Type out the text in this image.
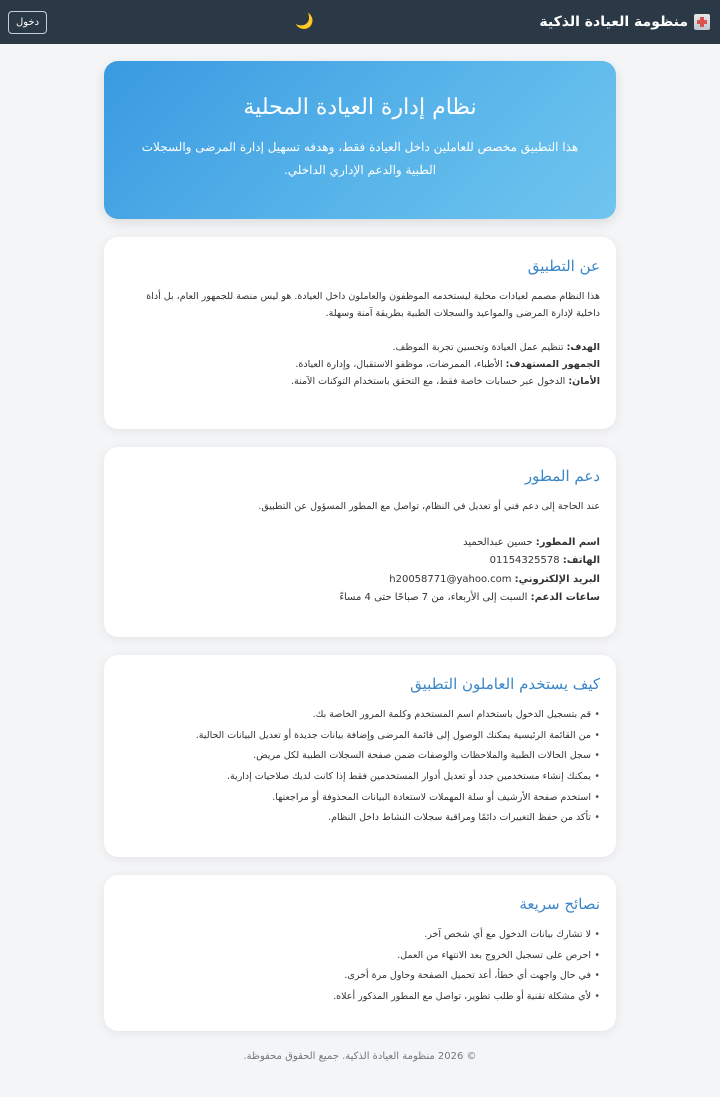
منظومة العيادة الذكية
🌙
دخول
نظام إدارة العيادة المحلية

هذا التطبيق مخصص للعاملين داخل العيادة فقط، وهدفه تسهيل إدارة المرضى والسجلات الطبية والدعم الإداري الداخلي.

عن التطبيق

هذا النظام مصمم لعيادات محلية ليستخدمه الموظفون والعاملون داخل العيادة. هو ليس منصة للجمهور العام، بل أداة داخلية لإدارة المرضى والمواعيد والسجلات الطبية بطريقة آمنة وسهلة.

الهدف: تنظيم عمل العيادة وتحسين تجربة الموظف.
الجمهور المستهدف: الأطباء، الممرضات، موظفو الاستقبال، وإدارة العيادة.
الأمان: الدخول عبر حسابات خاصة فقط، مع التحقق باستخدام التوكنات الآمنة.
دعم المطور

عند الحاجة إلى دعم فني أو تعديل في النظام، تواصل مع المطور المسؤول عن التطبيق.

اسم المطور: حسين عبدالحميد
الهاتف: 01154325578
البريد الإلكتروني: h20058771@yahoo.com
ساعات الدعم: السبت إلى الأربعاء، من 7 صباحًا حتى 4 مساءً
كيف يستخدم العاملون التطبيق
• قم بتسجيل الدخول باستخدام اسم المستخدم وكلمة المرور الخاصة بك.
• من القائمة الرئيسية يمكنك الوصول إلى قائمة المرضى وإضافة بيانات جديدة أو تعديل البيانات الحالية.
• سجل الحالات الطبية والملاحظات والوصفات ضمن صفحة السجلات الطبية لكل مريض.
• يمكنك إنشاء مستخدمين جدد أو تعديل أدوار المستخدمين فقط إذا كانت لديك صلاحيات إدارية.
• استخدم صفحة الأرشيف أو سلة المهملات لاستعادة البيانات المحذوفة أو مراجعتها.
• تأكد من حفظ التغييرات دائمًا ومراقبة سجلات النشاط داخل النظام.
نصائح سريعة
• لا تشارك بيانات الدخول مع أي شخص آخر.
• احرص على تسجيل الخروج بعد الانتهاء من العمل.
• في حال واجهت أي خطأ، أعد تحميل الصفحة وحاول مرة أخرى.
• لأي مشكلة تقنية أو طلب تطوير، تواصل مع المطور المذكور أعلاه.
© 2026 منظومة العيادة الذكية. جميع الحقوق محفوظة.
